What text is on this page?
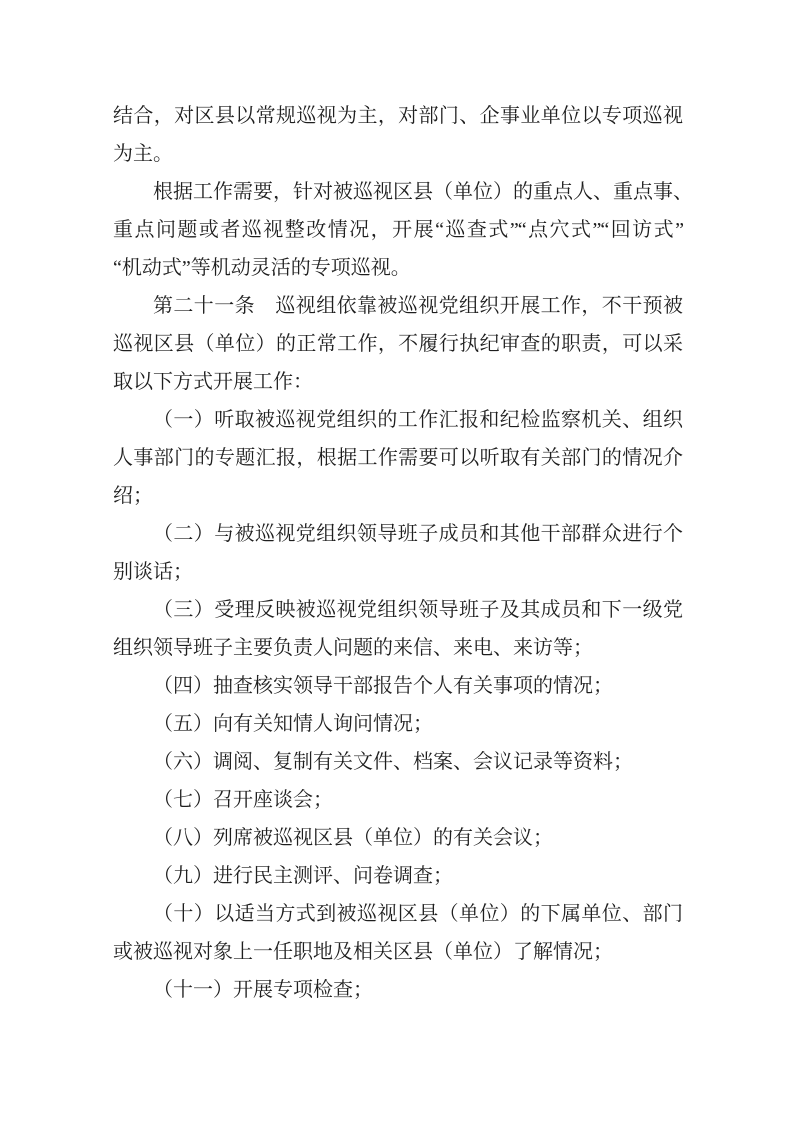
结合，对区县以常规巡视为主，对部门、企事业单位以专项巡视
为主。
根据工作需要，针对被巡视区县（单位）的重点人、重点事、
重点问题或者巡视整改情况，开展“巡查式”“点穴式”“回访式”
“机动式”等机动灵活的专项巡视。
第二十一条　巡视组依靠被巡视党组织开展工作，不干预被
巡视区县（单位）的正常工作，不履行执纪审查的职责，可以采
取以下方式开展工作：
（一）听取被巡视党组织的工作汇报和纪检监察机关、组织
人事部门的专题汇报，根据工作需要可以听取有关部门的情况介
绍；
（二）与被巡视党组织领导班子成员和其他干部群众进行个
别谈话；
（三）受理反映被巡视党组织领导班子及其成员和下一级党
组织领导班子主要负责人问题的来信、来电、来访等；
（四）抽查核实领导干部报告个人有关事项的情况；
（五）向有关知情人询问情况；
（六）调阅、复制有关文件、档案、会议记录等资料；
（七）召开座谈会；
（八）列席被巡视区县（单位）的有关会议；
（九）进行民主测评、问卷调查；
（十）以适当方式到被巡视区县（单位）的下属单位、部门
或被巡视对象上一任职地及相关区县（单位）了解情况；
（十一）开展专项检查；
